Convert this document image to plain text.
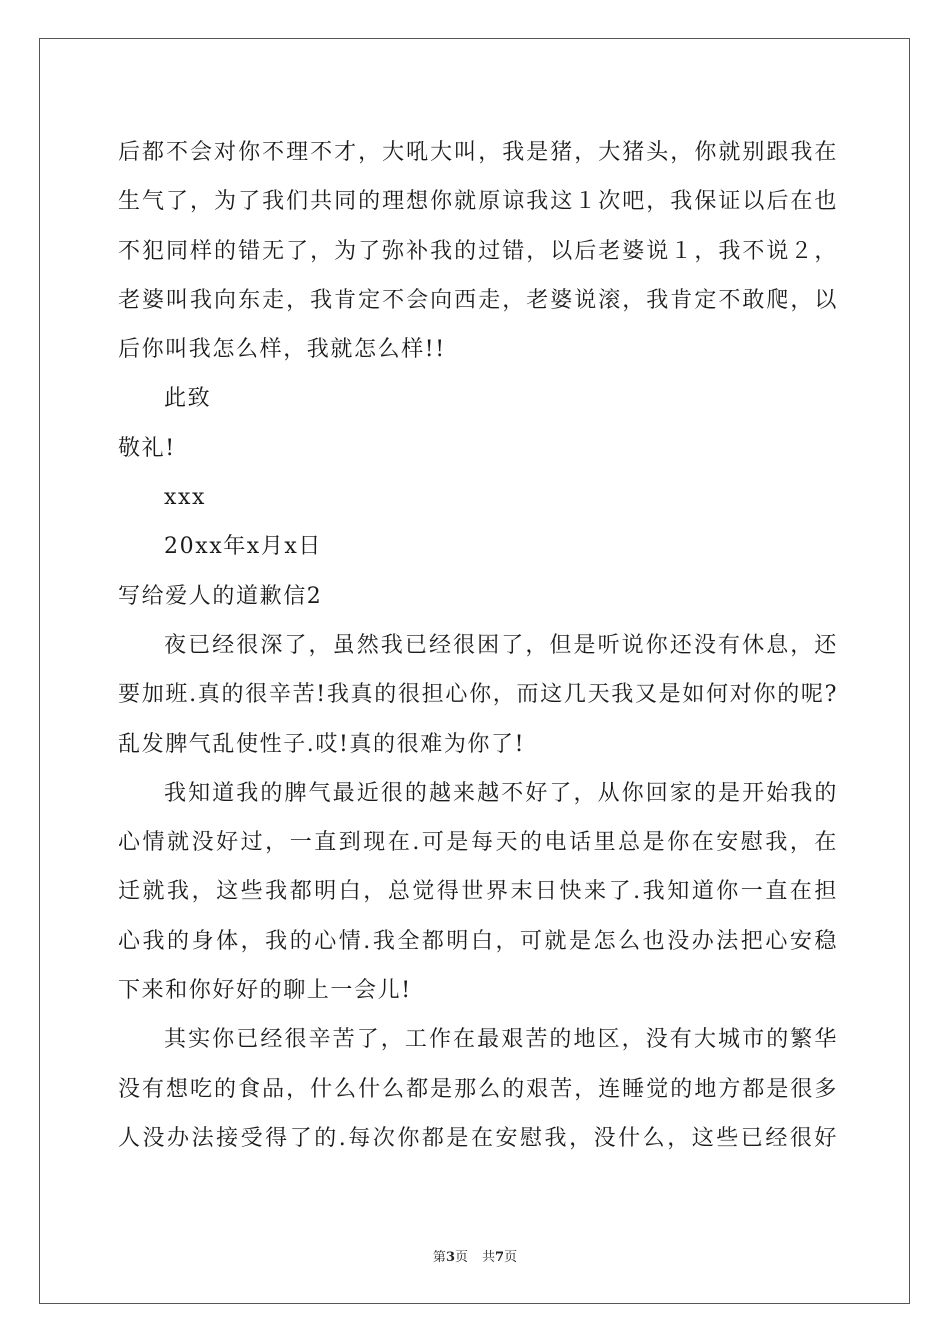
后都不会对你不理不才，大吼大叫，我是猪，大猪头，你就别跟我在
生气了，为了我们共同的理想你就原谅我这１次吧，我保证以后在也
不犯同样的错无了，为了弥补我的过错，以后老婆说１，我不说２，
老婆叫我向东走，我肯定不会向西走，老婆说滚，我肯定不敢爬，以
后你叫我怎么样，我就怎么样!!
此致
敬礼!
xxx
20xx年x月x日
写给爱人的道歉信2
夜已经很深了，虽然我已经很困了，但是听说你还没有休息，还
要加班.真的很辛苦!我真的很担心你，而这几天我又是如何对你的呢?
乱发脾气乱使性子.哎!真的很难为你了!
我知道我的脾气最近很的越来越不好了，从你回家的是开始我的
心情就没好过，一直到现在.可是每天的电话里总是你在安慰我，在
迁就我，这些我都明白，总觉得世界末日快来了.我知道你一直在担
心我的身体，我的心情.我全都明白，可就是怎么也没办法把心安稳
下来和你好好的聊上一会儿!
其实你已经很辛苦了，工作在最艰苦的地区，没有大城市的繁华
没有想吃的食品，什么什么都是那么的艰苦，连睡觉的地方都是很多
人没办法接受得了的.每次你都是在安慰我，没什么，这些已经很好
第3页 共7页
